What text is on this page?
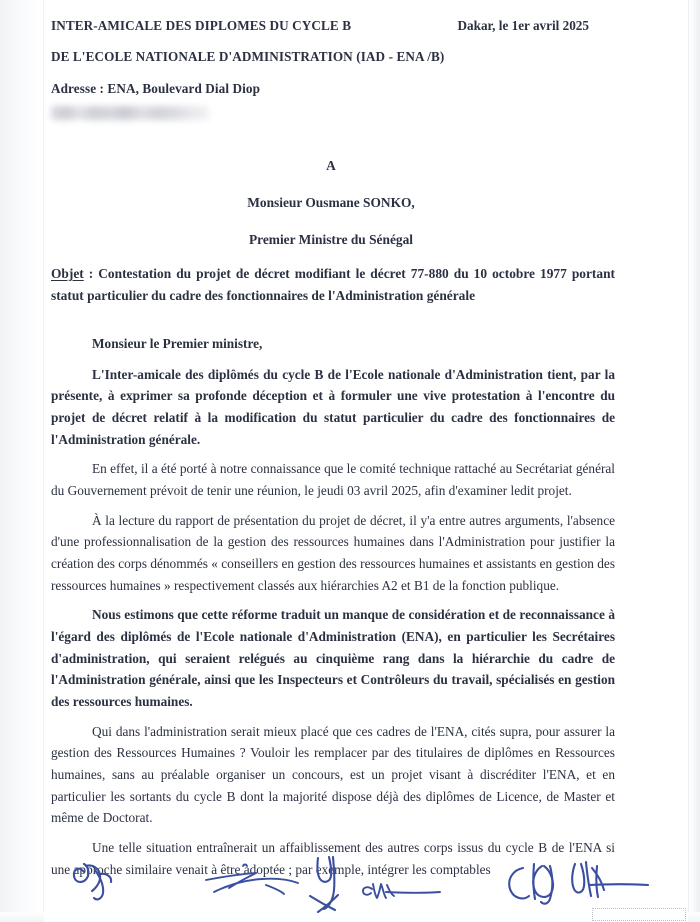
INTER-AMICALE DES DIPLOMES DU CYCLE B	Dakar, le 1er avril 2025
DE L'ECOLE NATIONALE D'ADMINISTRATION (IAD - ENA /B)
Adresse : ENA, Boulevard Dial Diop
A
Monsieur Ousmane SONKO,
Premier Ministre du Sénégal
Objet : Contestation du projet de décret modifiant le décret 77-880 du 10 octobre 1977 portant statut particulier du cadre des fonctionnaires de l'Administration générale

Monsieur le Premier ministre,

L'Inter-amicale des diplômés du cycle B de l'Ecole nationale d'Administration tient, par la présente, à exprimer sa profonde déception et à formuler une vive protestation à l'encontre du projet de décret relatif à la modification du statut particulier du cadre des fonctionnaires de l'Administration générale.

En effet, il a été porté à notre connaissance que le comité technique rattaché au Secrétariat général du Gouvernement prévoit de tenir une réunion, le jeudi 03 avril 2025, afin d'examiner ledit projet.

À la lecture du rapport de présentation du projet de décret, il y'a entre autres arguments, l'absence d'une professionnalisation de la gestion des ressources humaines dans l'Administration pour justifier la création des corps dénommés « conseillers en gestion des ressources humaines et assistants en gestion des ressources humaines » respectivement classés aux hiérarchies A2 et B1 de la fonction publique.

Nous estimons que cette réforme traduit un manque de considération et de reconnaissance à l'égard des diplômés de l'Ecole nationale d'Administration (ENA), en particulier les Secrétaires d'administration, qui seraient relégués au cinquième rang dans la hiérarchie du cadre de l'Administration générale, ainsi que les Inspecteurs et Contrôleurs du travail, spécialisés en gestion des ressources humaines.

Qui dans l'administration serait mieux placé que ces cadres de l'ENA, cités supra, pour assurer la gestion des Ressources Humaines ? Vouloir les remplacer par des titulaires de diplômes en Ressources humaines, sans au préalable organiser un concours, est un projet visant à discréditer l'ENA, et en particulier les sortants du cycle B dont la majorité dispose déjà des diplômes de Licence, de Master et même de Doctorat.

Une telle situation entraînerait un affaiblissement des autres corps issus du cycle B de l'ENA si une approche similaire venait à être adoptée ; par exemple, intégrer les comptables
